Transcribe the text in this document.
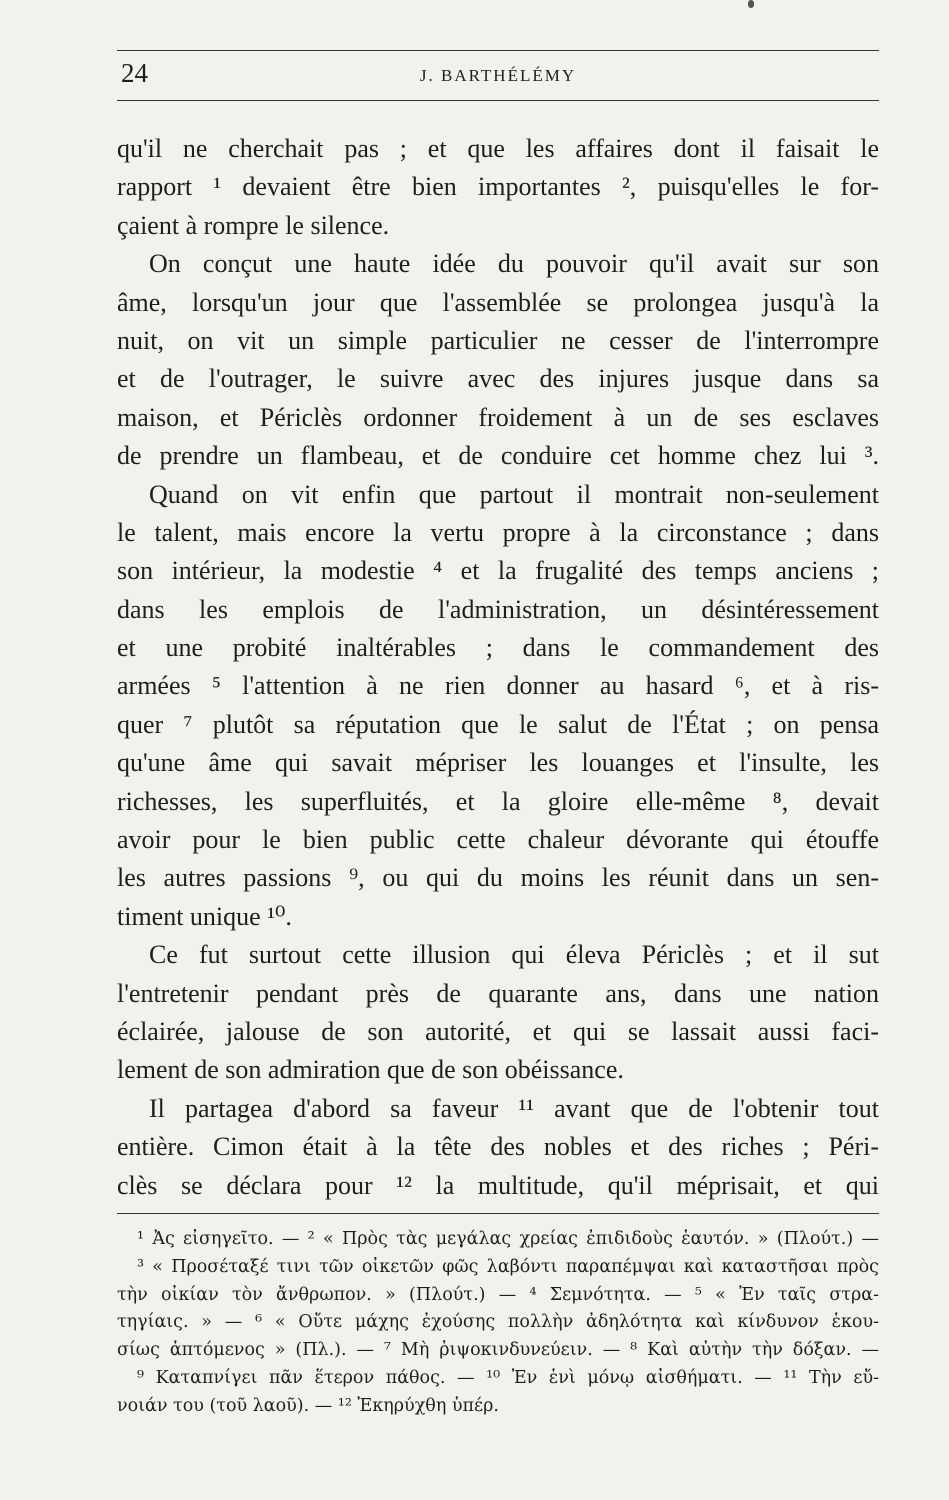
24	J. BARTHÉLÉMY
qu'il ne cherchait pas ; et que les affaires dont il faisait le
rapport ¹ devaient être bien importantes ², puisqu'elles le for-
çaient à rompre le silence.
On conçut une haute idée du pouvoir qu'il avait sur son
âme, lorsqu'un jour que l'assemblée se prolongea jusqu'à la
nuit, on vit un simple particulier ne cesser de l'interrompre
et de l'outrager, le suivre avec des injures jusque dans sa
maison, et Périclès ordonner froidement à un de ses esclaves
de prendre un flambeau, et de conduire cet homme chez lui ³.
Quand on vit enfin que partout il montrait non-seulement
le talent, mais encore la vertu propre à la circonstance ; dans
son intérieur, la modestie ⁴ et la frugalité des temps anciens ;
dans les emplois de l'administration, un désintéressement
et une probité inaltérables ; dans le commandement des
armées ⁵ l'attention à ne rien donner au hasard ⁶, et à ris-
quer ⁷ plutôt sa réputation que le salut de l'État ; on pensa
qu'une âme qui savait mépriser les louanges et l'insulte, les
richesses, les superfluités, et la gloire elle-même ⁸, devait
avoir pour le bien public cette chaleur dévorante qui étouffe
les autres passions ⁹, ou qui du moins les réunit dans un sen-
timent unique ¹⁰.
Ce fut surtout cette illusion qui éleva Périclès ; et il sut
l'entretenir pendant près de quarante ans, dans une nation
éclairée, jalouse de son autorité, et qui se lassait aussi faci-
lement de son admiration que de son obéissance.
Il partagea d'abord sa faveur ¹¹ avant que de l'obtenir tout
entière. Cimon était à la tête des nobles et des riches ; Péri-
clès se déclara pour ¹² la multitude, qu'il méprisait, et qui
¹ Ἀς εἰσηγεῖτο. — ² « Πρὸς τὰς μεγάλας χρείας ἐπιδιδοὺς ἑαυτόν. » (Πλούτ.) —
³ « Προσέταξέ τινι τῶν οἰκετῶν φῶς λαβόντι παραπέμψαι καὶ καταστῆσαι πρὸς
τὴν οἰκίαν τὸν ἄνθρωπον. » (Πλούτ.) — ⁴ Σεμνότητα. — ⁵ « Ἐν ταῖς στρα-
τηγίαις. » — ⁶ « Οὔτε μάχης ἐχούσης πολλὴν ἀδηλότητα καὶ κίνδυνον ἑκου-
σίως ἁπτόμενος » (Πλ.). — ⁷ Μὴ ῥιψοκινδυνεύειν. — ⁸ Καὶ αὐτὴν τὴν δόξαν. —
⁹ Καταπνίγει πᾶν ἕτερον πάθος. — ¹⁰ Ἐν ἑνὶ μόνῳ αἰσθήματι. — ¹¹ Τὴν εὔ-
νοιάν του (τοῦ λαοῦ). — ¹² Ἐκηρύχθη ὑπέρ.
